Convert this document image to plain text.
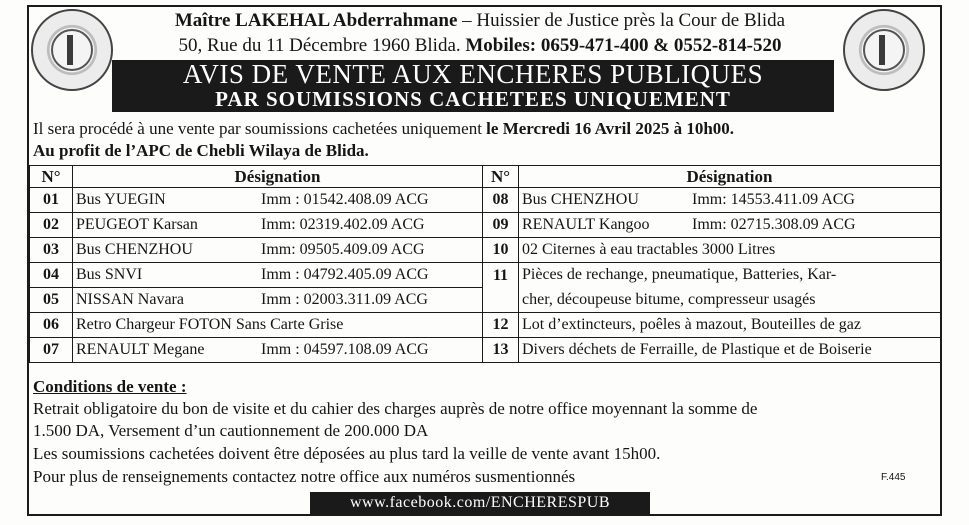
Maître LAKEHAL Abderrahmane – Huissier de Justice près la Cour de Blida
50, Rue du 11 Décembre 1960 Blida. Mobiles: 0659-471-400 & 0552-814-520
AVIS DE VENTE AUX ENCHERES PUBLIQUES
PAR SOUMISSIONS CACHETEES UNIQUEMENT
Il sera procédé à une vente par soumissions cachetées uniquement le Mercredi 16 Avril 2025 à 10h00.
Au profit de l’APC de Chebli Wilaya de Blida.
N°	Désignation	N°	Désignation
01	Bus YUEGIN Imm : 01542.408.09 ACG	08	Bus CHENZHOU Imm: 14553.411.09 ACG
02	PEUGEOT Karsan Imm: 02319.402.09 ACG	09	RENAULT Kangoo Imm: 02715.308.09 ACG
03	Bus CHENZHOU Imm: 09505.409.09 ACG	10	02 Citernes à eau tractables 3000 Litres
04	Bus SNVI Imm : 04792.405.09 ACG	11	Pièces de rechange, pneumatique, Batteries, Kar-
05	NISSAN Navara Imm : 02003.311.09 ACG		cher, découpeuse bitume, compresseur usagés
06	Retro Chargeur FOTON Sans Carte Grise	12	Lot d’extincteurs, poêles à mazout, Bouteilles de gaz
07	RENAULT Megane Imm : 04597.108.09 ACG	13	Divers déchets de Ferraille, de Plastique et de Boiserie
Conditions de vente :
Retrait obligatoire du bon de visite et du cahier des charges auprès de notre office moyennant la somme de
1.500 DA, Versement d’un cautionnement de 200.000 DA
Les soumissions cachetées doivent être déposées au plus tard la veille de vente avant 15h00.
Pour plus de renseignements contactez notre office aux numéros susmentionnés	F.445
www.facebook.com/ENCHERESPUB
